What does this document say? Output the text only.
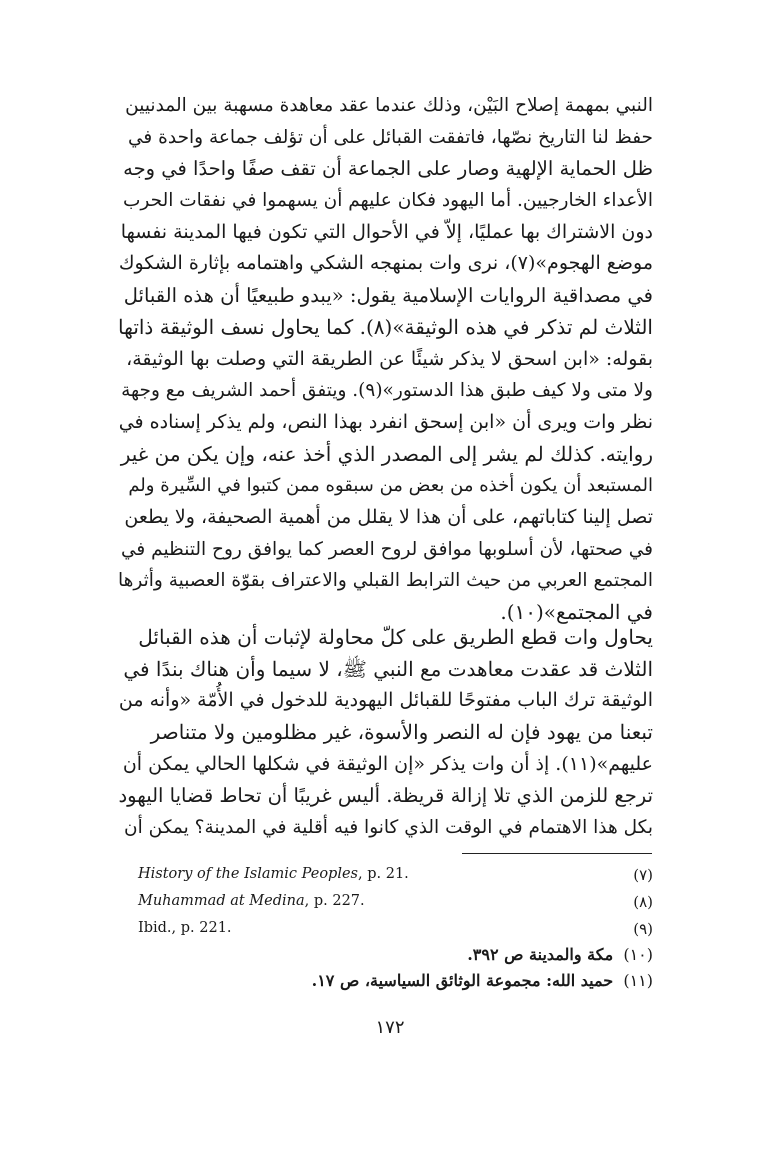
النبي بمهمة إصلاح البَيْن، وذلك عندما عقد معاهدة مسهبة بين المدنيين
حفظ لنا التاريخ نصّها، فاتفقت القبائل على أن تؤلف جماعة واحدة في
ظل الحماية الإلهية وصار على الجماعة أن تقف صفًا واحدًا في وجه
الأعداء الخارجيين. أما اليهود فكان عليهم أن يسهموا في نفقات الحرب
دون الاشتراك بها عمليًا، إلاّ في الأحوال التي تكون فيها المدينة نفسها
موضع الهجوم»(٧)، نرى وات بمنهجه الشكي واهتمامه بإثارة الشكوك
في مصداقية الروايات الإسلامية يقول: «يبدو طبيعيًا أن هذه القبائل
الثلاث لم تذكر في هذه الوثيقة»(٨). كما يحاول نسف الوثيقة ذاتها
بقوله: «ابن اسحق لا يذكر شيئًا عن الطريقة التي وصلت بها الوثيقة،
ولا متى ولا كيف طبق هذا الدستور»(٩). ويتفق أحمد الشريف مع وجهة
نظر وات ويرى أن «ابن إسحق انفرد بهذا النص، ولم يذكر إسناده في
روايته. كذلك لم يشر إلى المصدر الذي أخذ عنه، وإن يكن من غير
المستبعد أن يكون أخذه من بعض من سبقوه ممن كتبوا في السِّيرة ولم
تصل إلينا كتاباتهم، على أن هذا لا يقلل من أهمية الصحيفة، ولا يطعن
في صحتها، لأن أسلوبها موافق لروح العصر كما يوافق روح التنظيم في
المجتمع العربي من حيث الترابط القبلي والاعتراف بقوّة العصبية وأثرها
في المجتمع»(١٠).
يحاول وات قطع الطريق على كلّ محاولة لإثبات أن هذه القبائل
الثلاث قد عقدت معاهدت مع النبي ﷺ، لا سيما وأن هناك بندًا في
الوثيقة ترك الباب مفتوحًا للقبائل اليهودية للدخول في الأُمّة «وأنه من
تبعنا من يهود فإن له النصر والأسوة، غير مظلومين ولا متناصر
عليهم»(١١). إذ أن وات يذكر «إن الوثيقة في شكلها الحالي يمكن أن
ترجع للزمن الذي تلا إزالة قريظة. أليس غريبًا أن تحاط قضايا اليهود
بكل هذا الاهتمام في الوقت الذي كانوا فيه أقلية في المدينة؟ يمكن أن
History of the Islamic Peoples, p. 21.	(٧)
Muhammad at Medina, p. 227.	(٨)
Ibid., p. 221.	(٩)
(١٠)  مكة والمدينة ص ٣٩٢.
(١١)  حميد الله: مجموعة الوثائق السياسية، ص ١٧.
١٧٢
